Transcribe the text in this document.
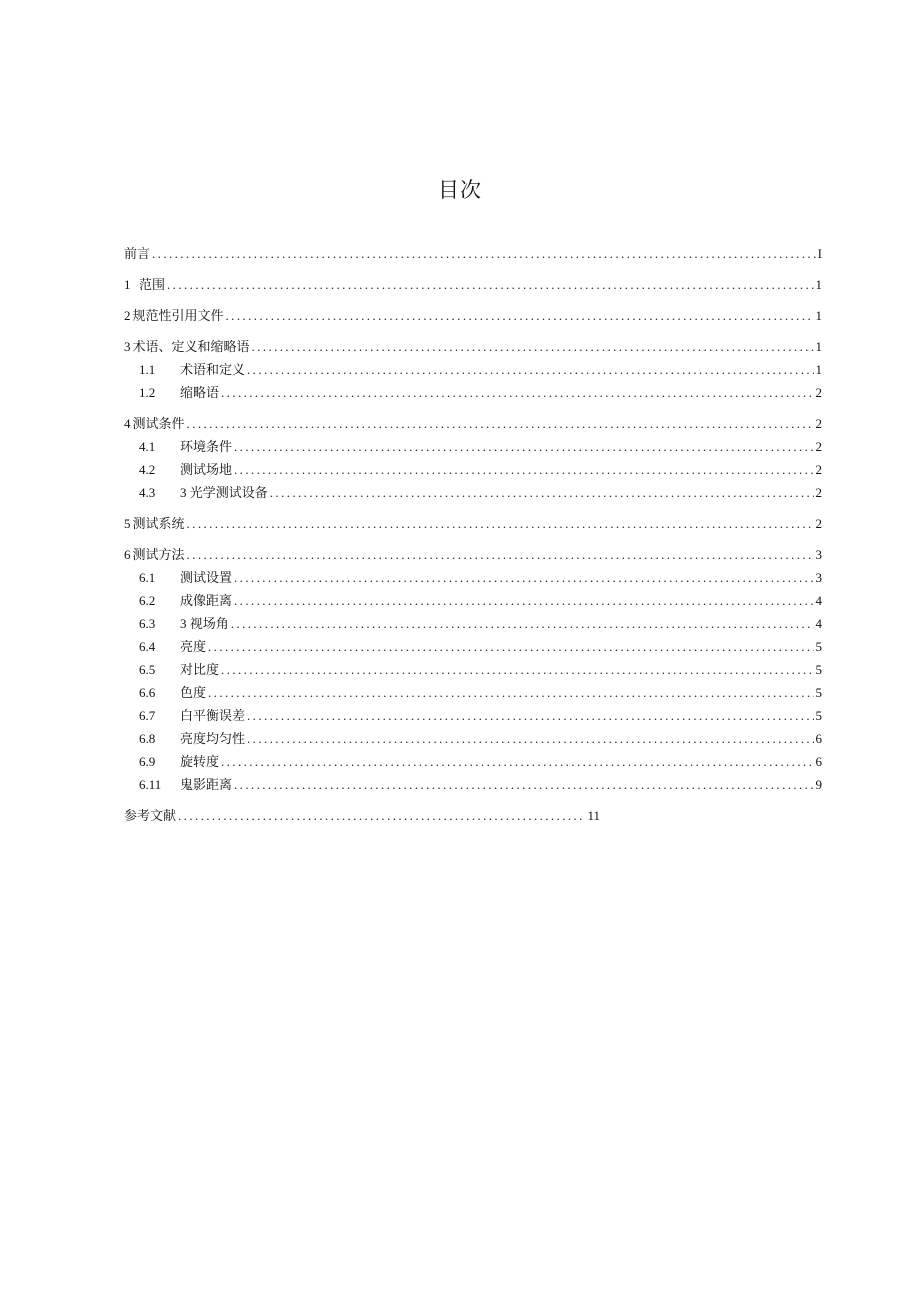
目次
前言 .....	I
1 范围 .....	1
2 规范性引用文件 .....	1
3 术语、定义和缩略语 .....	1
1.1	术语和定义 .....	1
1.2	缩略语 .....	2
4 测试条件 .....	2
4.1	环境条件 .....	2
4.2	测试场地 .....	2
4.3	3 光学测试设备 .....	2
5 测试系统 .....	2
6 测试方法 .....	3
6.1	测试设置 .....	3
6.2	成像距离 .....	4
6.3	3 视场角 .....	4
6.4	亮度 .....	5
6.5	对比度 .....	5
6.6	色度 .....	5
6.7	白平衡误差 .....	5
6.8	亮度均匀性 .....	6
6.9	旋转度 .....	6
6.11	鬼影距离 .....	9
参考文献 .....	11
